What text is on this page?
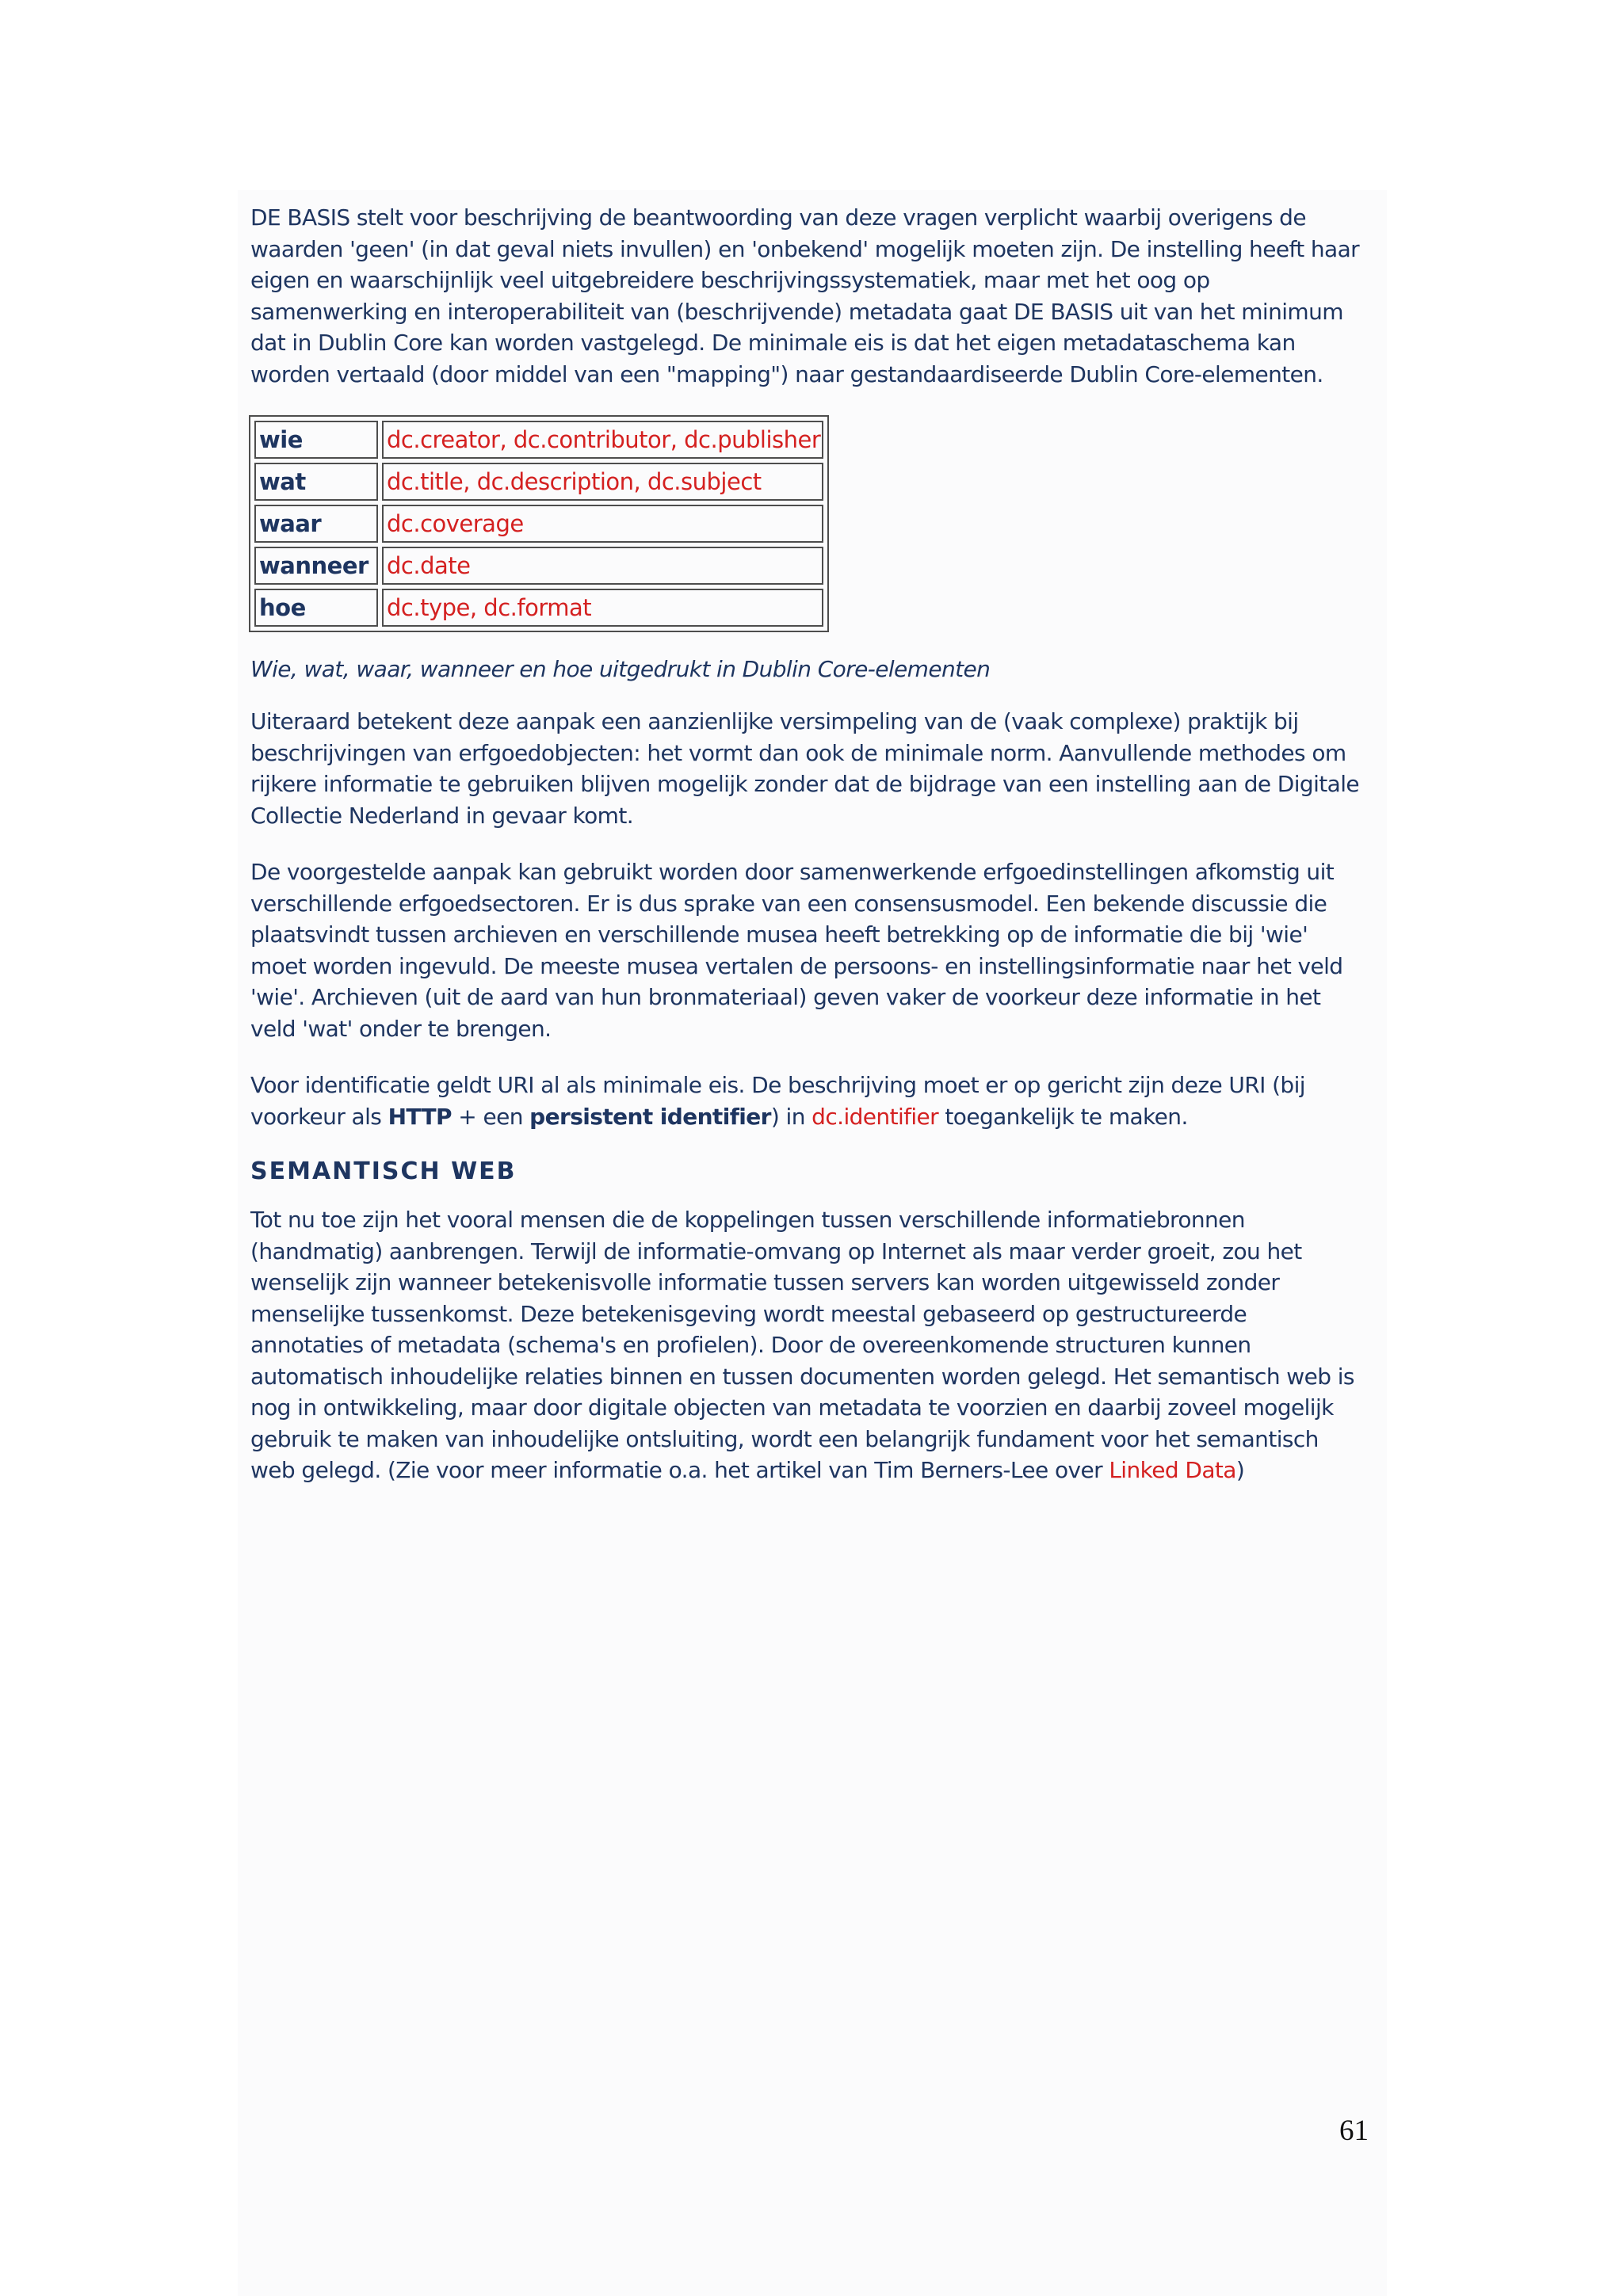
DE BASIS stelt voor beschrijving de beantwoording van deze vragen verplicht waarbij overigens de waarden 'geen' (in dat geval niets invullen) en 'onbekend' mogelijk moeten zijn. De instelling heeft haar eigen en waarschijnlijk veel uitgebreidere beschrijvingssystematiek, maar met het oog op samenwerking en interoperabiliteit van (beschrijvende) metadata gaat DE BASIS uit van het minimum dat in Dublin Core kan worden vastgelegd. De minimale eis is dat het eigen metadataschema kan worden vertaald (door middel van een "mapping") naar gestandaardiseerde Dublin Core-elementen.

wie	dc.creator, dc.contributor, dc.publisher
wat	dc.title, dc.description, dc.subject
waar	dc.coverage
wanneer	dc.date
hoe	dc.type, dc.format

Wie, wat, waar, wanneer en hoe uitgedrukt in Dublin Core-elementen

Uiteraard betekent deze aanpak een aanzienlijke versimpeling van de (vaak complexe) praktijk bij beschrijvingen van erfgoedobjecten: het vormt dan ook de minimale norm. Aanvullende methodes om rijkere informatie te gebruiken blijven mogelijk zonder dat de bijdrage van een instelling aan de Digitale Collectie Nederland in gevaar komt.

De voorgestelde aanpak kan gebruikt worden door samenwerkende erfgoedinstellingen afkomstig uit verschillende erfgoedsectoren. Er is dus sprake van een consensusmodel. Een bekende discussie die plaatsvindt tussen archieven en verschillende musea heeft betrekking op de informatie die bij 'wie' moet worden ingevuld. De meeste musea vertalen de persoons- en instellingsinformatie naar het veld 'wie'. Archieven (uit de aard van hun bronmateriaal) geven vaker de voorkeur deze informatie in het veld 'wat' onder te brengen.

Voor identificatie geldt URI al als minimale eis. De beschrijving moet er op gericht zijn deze URI (bij voorkeur als HTTP + een persistent identifier) in dc.identifier toegankelijk te maken.

SEMANTISCH WEB

Tot nu toe zijn het vooral mensen die de koppelingen tussen verschillende informatiebronnen (handmatig) aanbrengen. Terwijl de informatie-omvang op Internet als maar verder groeit, zou het wenselijk zijn wanneer betekenisvolle informatie tussen servers kan worden uitgewisseld zonder menselijke tussenkomst. Deze betekenisgeving wordt meestal gebaseerd op gestructureerde annotaties of metadata (schema's en profielen). Door de overeenkomende structuren kunnen automatisch inhoudelijke relaties binnen en tussen documenten worden gelegd. Het semantisch web is nog in ontwikkeling, maar door digitale objecten van metadata te voorzien en daarbij zoveel mogelijk gebruik te maken van inhoudelijke ontsluiting, wordt een belangrijk fundament voor het semantisch web gelegd. (Zie voor meer informatie o.a. het artikel van Tim Berners-Lee over Linked Data)

61
